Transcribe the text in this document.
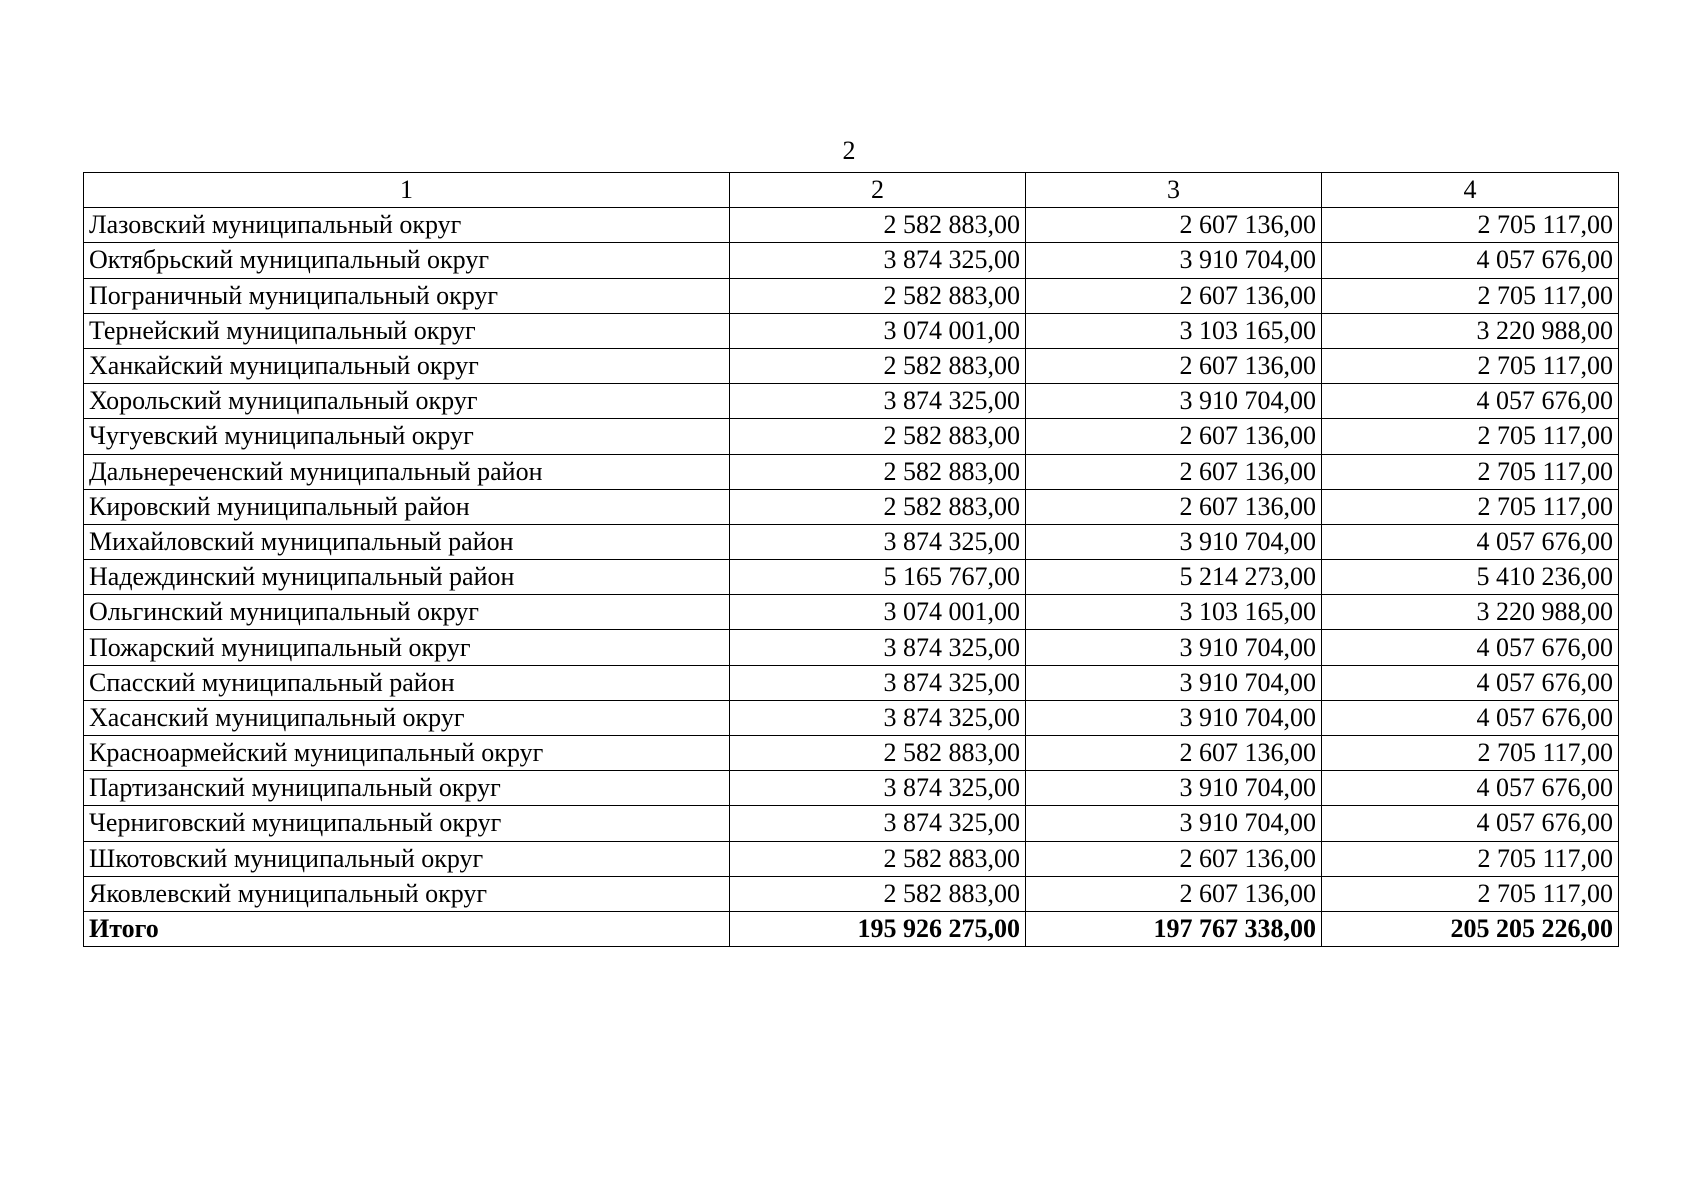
2
1	2	3	4
Лазовский муниципальный округ	2 582 883,00	2 607 136,00	2 705 117,00
Октябрьский муниципальный округ	3 874 325,00	3 910 704,00	4 057 676,00
Пограничный муниципальный округ	2 582 883,00	2 607 136,00	2 705 117,00
Тернейский муниципальный округ	3 074 001,00	3 103 165,00	3 220 988,00
Ханкайский муниципальный округ	2 582 883,00	2 607 136,00	2 705 117,00
Хорольский муниципальный округ	3 874 325,00	3 910 704,00	4 057 676,00
Чугуевский муниципальный округ	2 582 883,00	2 607 136,00	2 705 117,00
Дальнереченский муниципальный район	2 582 883,00	2 607 136,00	2 705 117,00
Кировский муниципальный район	2 582 883,00	2 607 136,00	2 705 117,00
Михайловский муниципальный район	3 874 325,00	3 910 704,00	4 057 676,00
Надеждинский муниципальный район	5 165 767,00	5 214 273,00	5 410 236,00
Ольгинский муниципальный округ	3 074 001,00	3 103 165,00	3 220 988,00
Пожарский муниципальный округ	3 874 325,00	3 910 704,00	4 057 676,00
Спасский муниципальный район	3 874 325,00	3 910 704,00	4 057 676,00
Хасанский муниципальный округ	3 874 325,00	3 910 704,00	4 057 676,00
Красноармейский муниципальный округ	2 582 883,00	2 607 136,00	2 705 117,00
Партизанский муниципальный округ	3 874 325,00	3 910 704,00	4 057 676,00
Черниговский муниципальный округ	3 874 325,00	3 910 704,00	4 057 676,00
Шкотовский муниципальный округ	2 582 883,00	2 607 136,00	2 705 117,00
Яковлевский муниципальный округ	2 582 883,00	2 607 136,00	2 705 117,00
Итого	195 926 275,00	197 767 338,00	205 205 226,00
